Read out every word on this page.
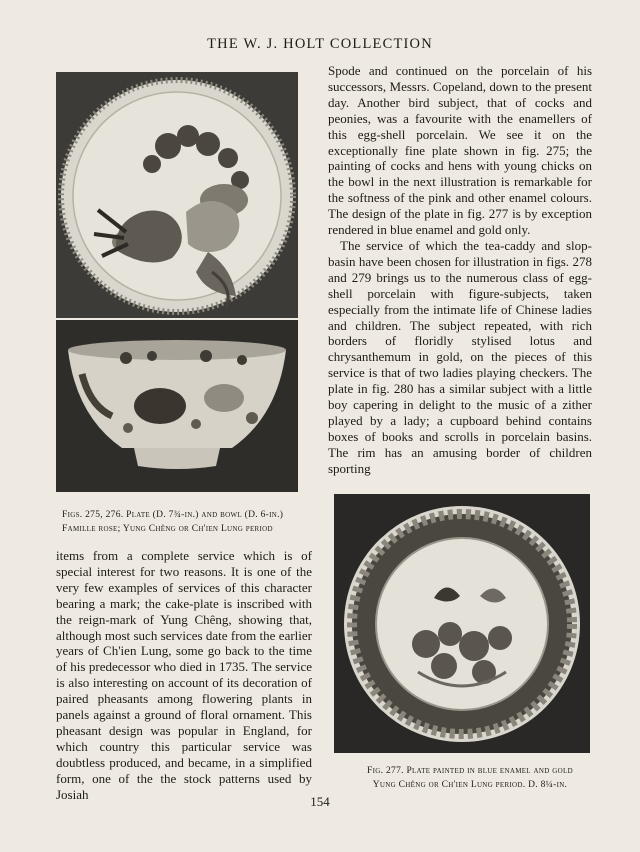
THE W. J. HOLT COLLECTION
Figs. 275, 276. Plate (D. 7¾-in.) and bowl (D. 6-in.)
Famille rose; Yung Chêng or Ch'ien Lung period

Spode and continued on the porcelain of his successors, Messrs. Copeland, down to the present day. Another bird subject, that of cocks and peonies, was a favourite with the enamellers of this egg-shell porcelain. We see it on the exceptionally fine plate shown in fig. 275; the painting of cocks and hens with young chicks on the bowl in the next illustration is remarkable for the softness of the pink and other enamel colours. The design of the plate in fig. 277 is by exception rendered in blue enamel and gold only.

The service of which the tea-caddy and slop-basin have been chosen for illustration in figs. 278 and 279 brings us to the numerous class of egg-shell porcelain with figure-subjects, taken especially from the intimate life of Chinese ladies and children. The subject repeated, with rich borders of floridly stylised lotus and chrysanthemum in gold, on the pieces of this service is that of two ladies playing checkers. The plate in fig. 280 has a similar subject with a little boy capering in delight to the music of a zither played by a lady; a cupboard behind contains boxes of books and scrolls in porcelain basins. The rim has an amusing border of children sporting

items from a complete service which is of special interest for two reasons. It is one of the very few examples of services of this character bearing a mark; the cake-plate is inscribed with the reign-mark of Yung Chêng, showing that, although most such services date from the earlier years of Ch'ien Lung, some go back to the time of his predecessor who died in 1735. The service is also interesting on account of its decoration of paired pheasants among flowering plants in panels against a ground of floral ornament. This pheasant design was popular in England, for which country this particular service was doubtless produced, and became, in a simplified form, one of the the stock patterns used by Josiah

Fig. 277. Plate painted in blue enamel and gold
Yung Chêng or Ch'ien Lung period. D. 8¼-in.
154
